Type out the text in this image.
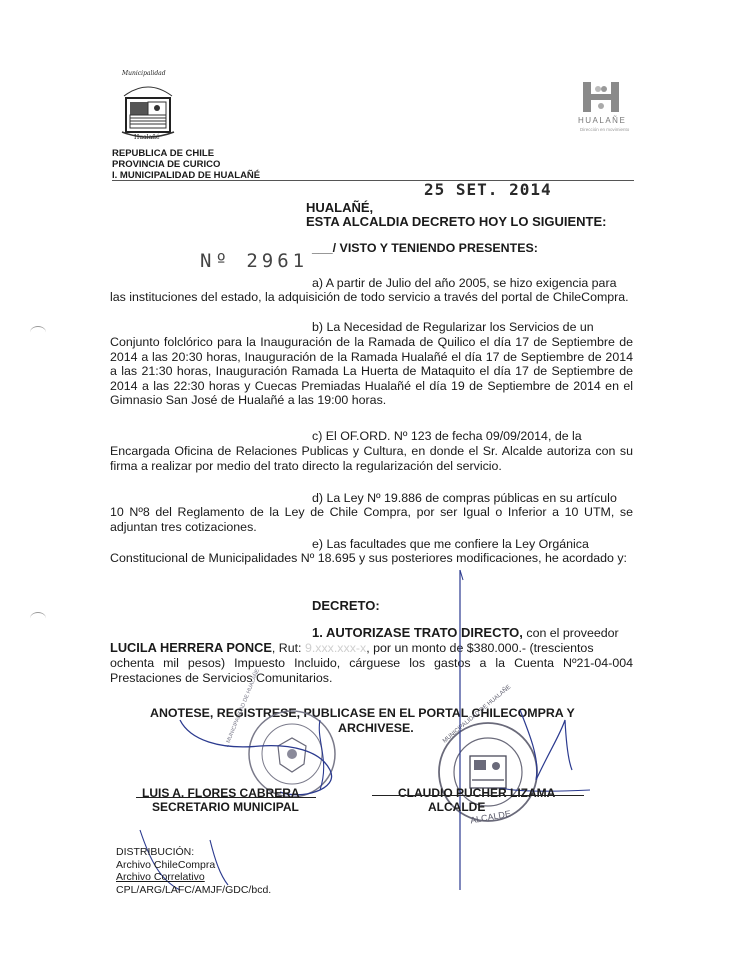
Municipalidad
Hualañé
REPUBLICA DE CHILE
PROVINCIA DE CURICO
I. MUNICIPALIDAD DE HUALAÑÉ
HUALAÑE
Dirección en movimiento
25 SET. 2014
HUALAÑÉ,
ESTA ALCALDIA DECRETO HOY LO SIGUIENTE:
Nº 2961
___/ VISTO Y TENIENDO PRESENTES:
a) A partir de Julio del año 2005, se hizo exigencia para
las instituciones del estado, la adquisición de todo servicio a través del portal de ChileCompra.
b) La Necesidad de Regularizar los Servicios de un
Conjunto folclórico para la Inauguración de la Ramada de Quilico el día 17 de Septiembre de 2014 a las 20:30 horas, Inauguración de la Ramada Hualañé el día 17 de Septiembre de 2014 a las 21:30 horas, Inauguración Ramada La Huerta de Mataquito el día 17 de Septiembre de 2014 a las 22:30 horas y Cuecas Premiadas Hualañé el día 19 de Septiembre de 2014 en el Gimnasio San José de Hualañé a las 19:00 horas.
c) El OF.ORD. Nº 123 de fecha 09/09/2014, de la
Encargada Oficina de Relaciones Publicas y Cultura, en donde el Sr. Alcalde autoriza con su firma a realizar por medio del trato directo la regularización del servicio.
d) La Ley Nº 19.886 de compras públicas en su artículo
10 Nº8 del Reglamento de la Ley de Chile Compra, por ser Igual o Inferior a 10 UTM, se adjuntan tres cotizaciones.
e) Las facultades que me confiere la Ley Orgánica
Constitucional de Municipalidades Nº 18.695 y sus posteriores modificaciones, he acordado y:
DECRETO:
1. AUTORIZASE TRATO DIRECTO, con el proveedor
LUCILA HERRERA PONCE, Rut: 9.xxx.xxx-x, por un monto de $380.000.- (trescientos
ochenta mil pesos) Impuesto Incluido, cárguese los gastos a la Cuenta Nº21-04-004 Prestaciones de Servicios Comunitarios.
ANOTESE, REGISTRESE, PUBLICASE EN EL PORTAL CHILECOMPRA Y
ARCHIVESE.
I. MUNICIPALIDAD DE HUALAÑE	MUNICIPALIDAD DE HUALAÑE
ALCALDE
LUIS A. FLORES CABRERA
SECRETARIO MUNICIPAL
CLAUDIO PUCHER LIZAMA
ALCALDE
DISTRIBUCIÓN:
Archivo ChileCompra
Archivo Correlativo
CPL/ARG/LAFC/AMJF/GDC/bcd.
